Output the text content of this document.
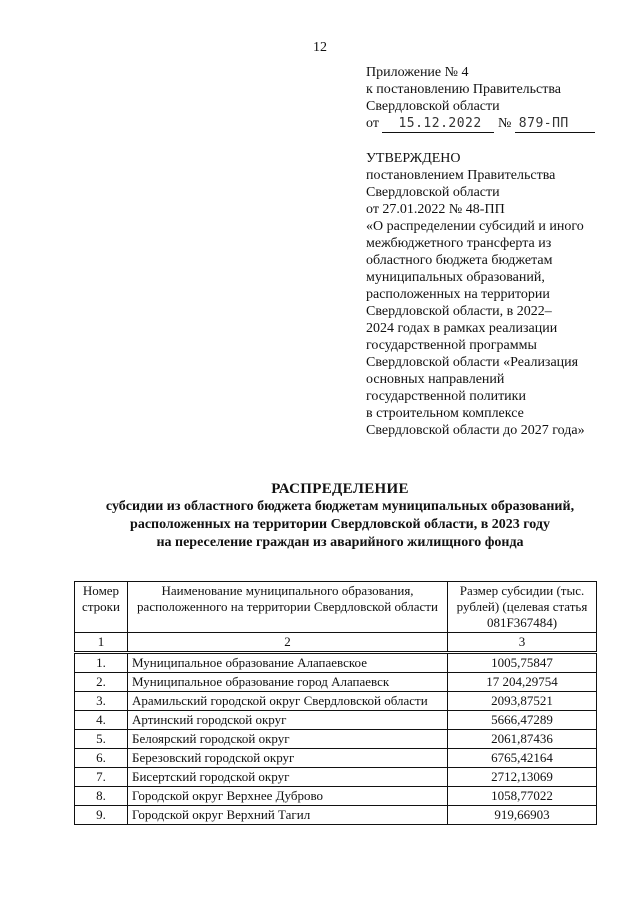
12
Приложение № 4
к постановлению Правительства
Свердловской области
от 15.12.2022 № 879-ПП
УТВЕРЖДЕНО
постановлением Правительства
Свердловской области
от 27.01.2022 № 48-ПП
«О распределении субсидий и иного
межбюджетного трансферта из
областного бюджета бюджетам
муниципальных образований,
расположенных на территории
Свердловской области, в 2022–
2024 годах в рамках реализации
государственной программы
Свердловской области «Реализация
основных направлений
государственной политики
в строительном комплексе
Свердловской области до 2027 года»
РАСПРЕДЕЛЕНИЕ
субсидии из областного бюджета бюджетам муниципальных образований,
расположенных на территории Свердловской области, в 2023 году
на переселение граждан из аварийного жилищного фонда
Номер строки	Наименование муниципального образования, расположенного на территории Свердловской области	Размер субсидии (тыс. рублей) (целевая статья 081F367484)
1	2	3
1.	Муниципальное образование Алапаевское	1005,75847
2.	Муниципальное образование город Алапаевск	17 204,29754
3.	Арамильский городской округ Свердловской области	2093,87521
4.	Артинский городской округ	5666,47289
5.	Белоярский городской округ	2061,87436
6.	Березовский городской округ	6765,42164
7.	Бисертский городской округ	2712,13069
8.	Городской округ Верхнее Дуброво	1058,77022
9.	Городской округ Верхний Тагил	919,66903
